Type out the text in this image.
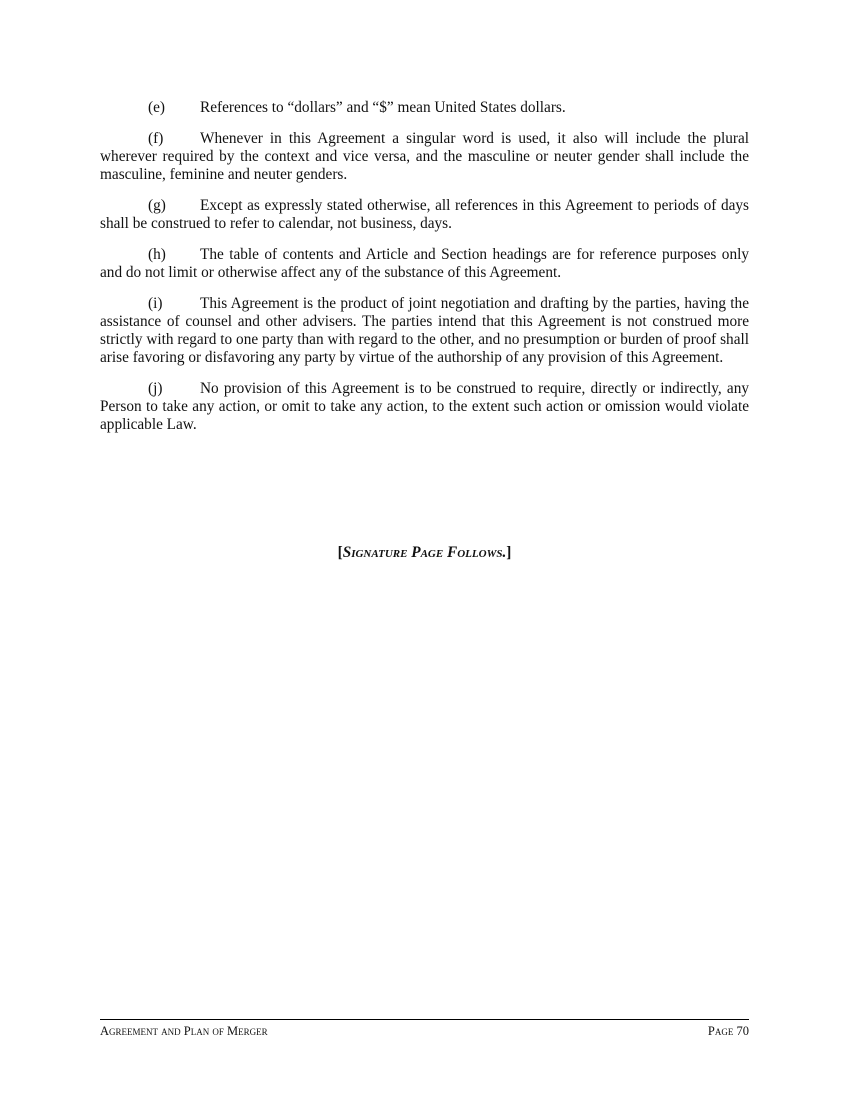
(e) References to “dollars” and “$” mean United States dollars.

(f) Whenever in this Agreement a singular word is used, it also will include the plural wherever required by the context and vice versa, and the masculine or neuter gender shall include the masculine, feminine and neuter genders.

(g) Except as expressly stated otherwise, all references in this Agreement to periods of days shall be construed to refer to calendar, not business, days.

(h) The table of contents and Article and Section headings are for reference purposes only and do not limit or otherwise affect any of the substance of this Agreement.

(i) This Agreement is the product of joint negotiation and drafting by the parties, having the assistance of counsel and other advisers. The parties intend that this Agreement is not construed more strictly with regard to one party than with regard to the other, and no presumption or burden of proof shall arise favoring or disfavoring any party by virtue of the authorship of any provision of this Agreement.

(j) No provision of this Agreement is to be construed to require, directly or indirectly, any Person to take any action, or omit to take any action, to the extent such action or omission would violate applicable Law.

[Signature Page Follows.]
Agreement and Plan of Merger	Page 70
